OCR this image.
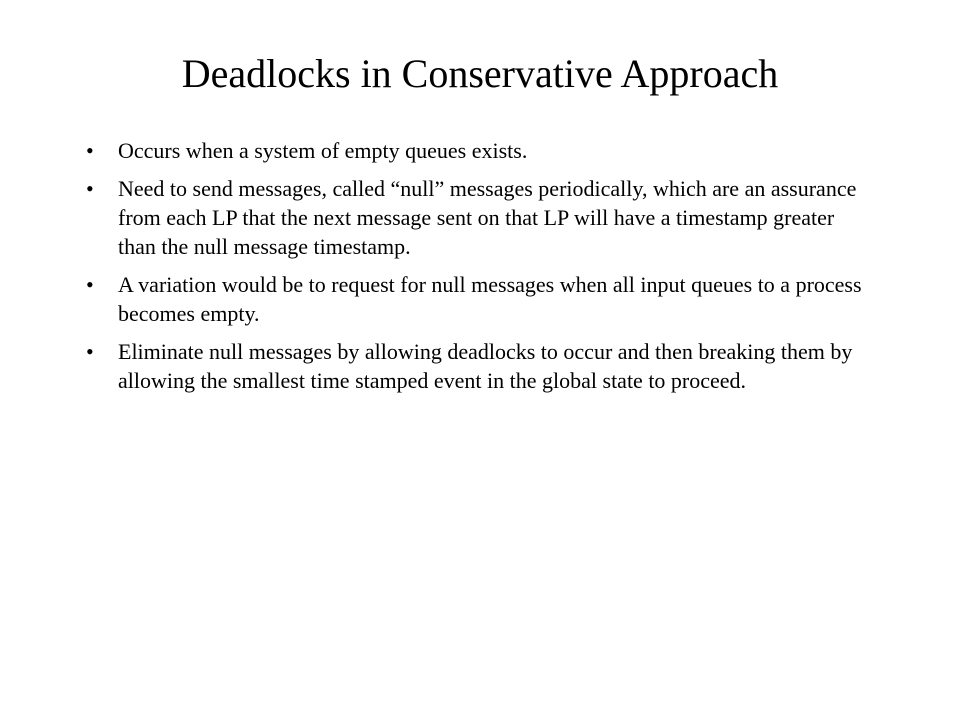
Deadlocks in Conservative Approach
•	Occurs when a system of empty queues exists.
•	Need to send messages, called “null” messages periodically, which are an assurance from each LP that the next message sent on that LP will have a timestamp greater than the null message timestamp.
•	A variation would be to request for null messages when all input queues to a process becomes empty.
•	Eliminate null messages by allowing deadlocks to occur and then breaking them by allowing the smallest time stamped event in the global state to proceed.
